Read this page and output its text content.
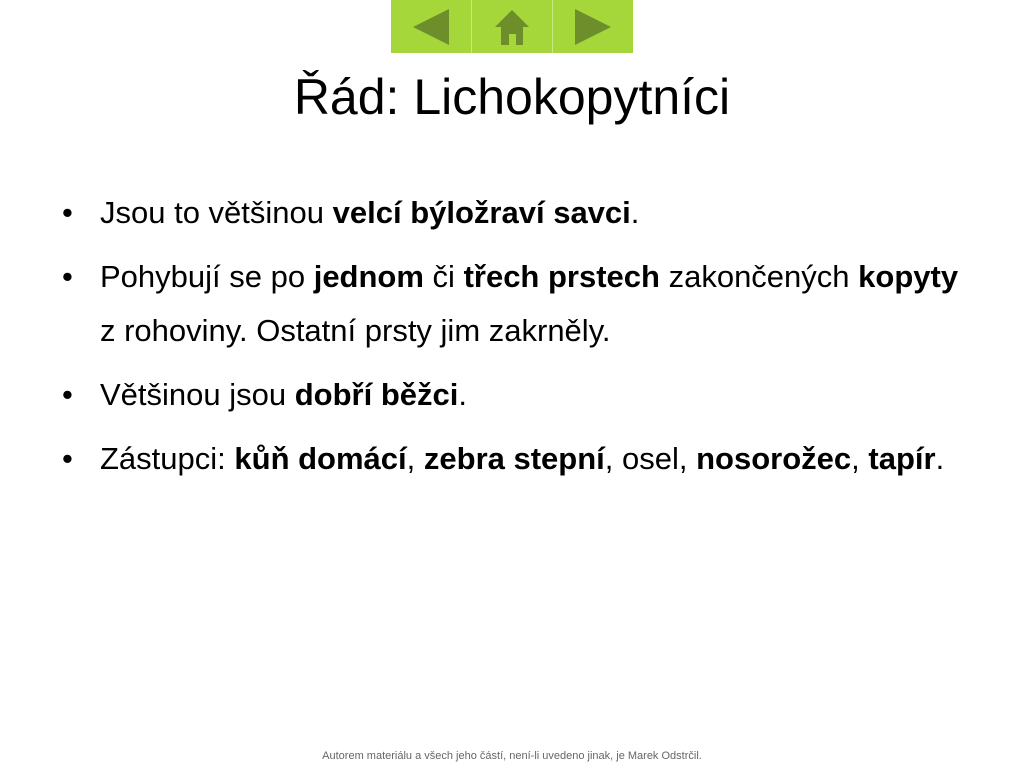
Řád: Lichokopytníci
• Jsou to většinou velcí býložraví savci.
• Pohybují se po jednom či třech prstech zakončených kopyty z rohoviny. Ostatní prsty jim zakrněly.
• Většinou jsou dobří běžci.
• Zástupci: kůň domácí, zebra stepní, osel, nosorožec, tapír.
Autorem materiálu a všech jeho částí, není-li uvedeno jinak, je Marek Odstrčil.
